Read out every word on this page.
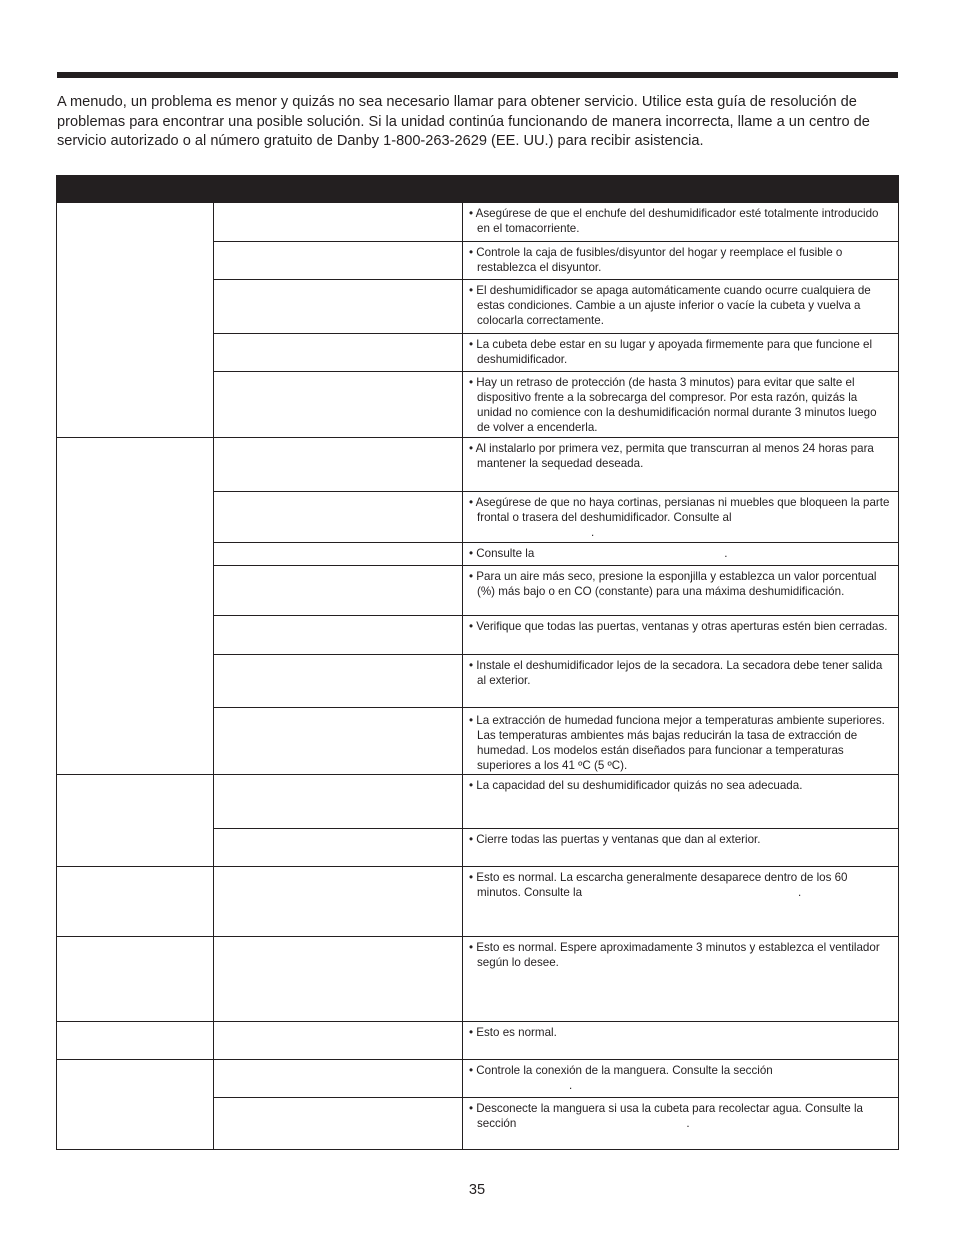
A menudo, un problema es menor y quizás no sea necesario llamar para obtener servicio. Utilice esta guía de resolución de problemas para encontrar una posible solución. Si la unidad continúa funcionando de manera incorrecta, llame a un centro de servicio autorizado o al número gratuito de Danby 1-800-263-2629 (EE. UU.) para recibir asistencia.

		• Asegúrese de que el enchufe del deshumidificador esté totalmente introducido en el tomacorriente.

		• Controle la caja de fusibles/disyuntor del hogar y reemplace el fusible o restablezca el disyuntor.

		• El deshumidificador se apaga automáticamente cuando ocurre cualquiera de estas condiciones. Cambie a un ajuste inferior o vacíe la cubeta y vuelva a colocarla correctamente.

		• La cubeta debe estar en su lugar y apoyada firmemente para que funcione el deshumidificador.

		• Hay un retraso de protección (de hasta 3 minutos) para evitar que salte el dispositivo frente a la sobrecarga del compresor. Por esta razón, quizás la unidad no comience con la deshumidificación normal durante 3 minutos luego de volver a encenderla.

		• Al instalarlo por primera vez, permita que transcurran al menos 24 horas para mantener la sequedad deseada.

		• Asegúrese de que no haya cortinas, persianas ni muebles que bloqueen la parte frontal o trasera del deshumidificador. Consulte al
.

		• Consulte la .

		• Para un aire más seco, presione la esponjilla y establezca un valor porcentual (%) más bajo o en CO (constante) para una máxima deshumidificación.

		• Verifique que todas las puertas, ventanas y otras aperturas estén bien cerradas.

		• Instale el deshumidificador lejos de la secadora. La secadora debe tener salida al exterior.

		• La extracción de humedad funciona mejor a temperaturas ambiente superiores. Las temperaturas ambientes más bajas reducirán la tasa de extracción de humedad. Los modelos están diseñados para funcionar a temperaturas superiores a los 41 ºC (5 ºC).

		• La capacidad del su deshumidificador quizás no sea adecuada.

		• Cierre todas las puertas y ventanas que dan al exterior.

		• Esto es normal. La escarcha generalmente desaparece dentro de los 60 minutos. Consulte la .

		• Esto es normal. Espere aproximadamente 3 minutos y establezca el ventilador según lo desee.

		• Esto es normal.

		• Controle la conexión de la manguera. Consulte la sección
.

		• Desconecte la manguera si usa la cubeta para recolectar agua. Consulte la sección .
35
